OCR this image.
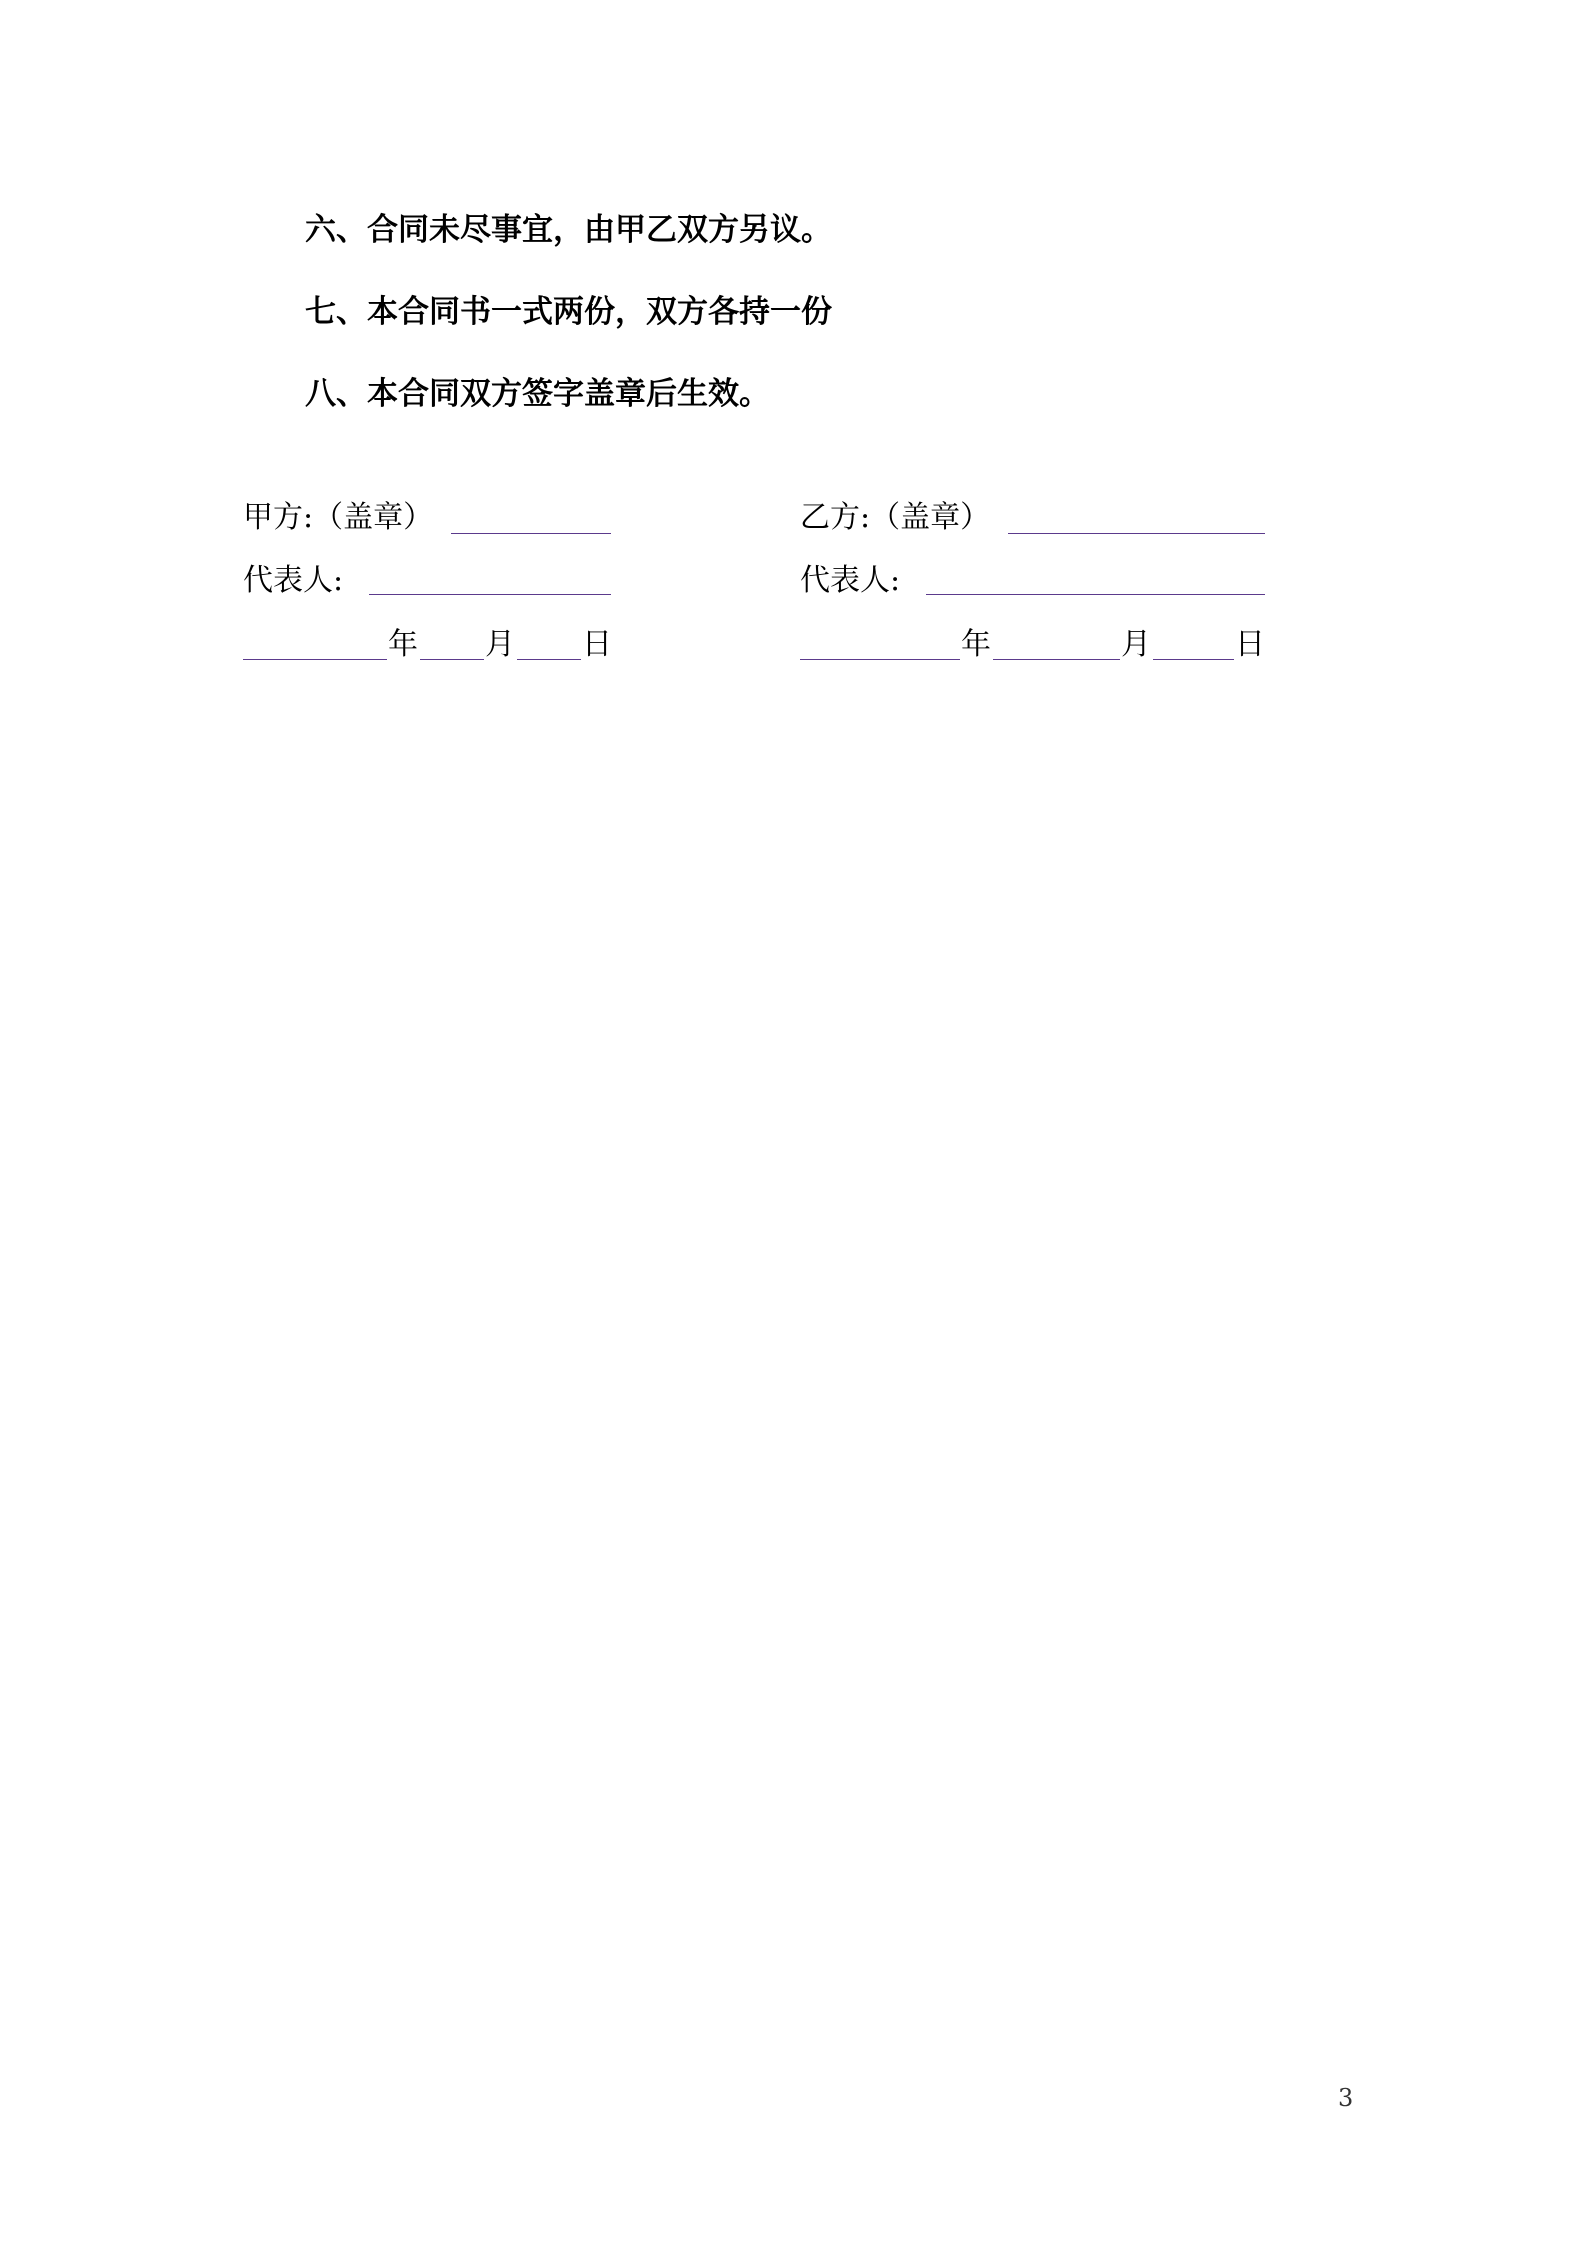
六、合同未尽事宜，由甲乙双方另议。
七、本合同书一式两份，双方各持一份
八、本合同双方签字盖章后生效。
甲方:（盖章）
代表人:
年 月 日
乙方:（盖章）
代表人:
年	月	日
3
